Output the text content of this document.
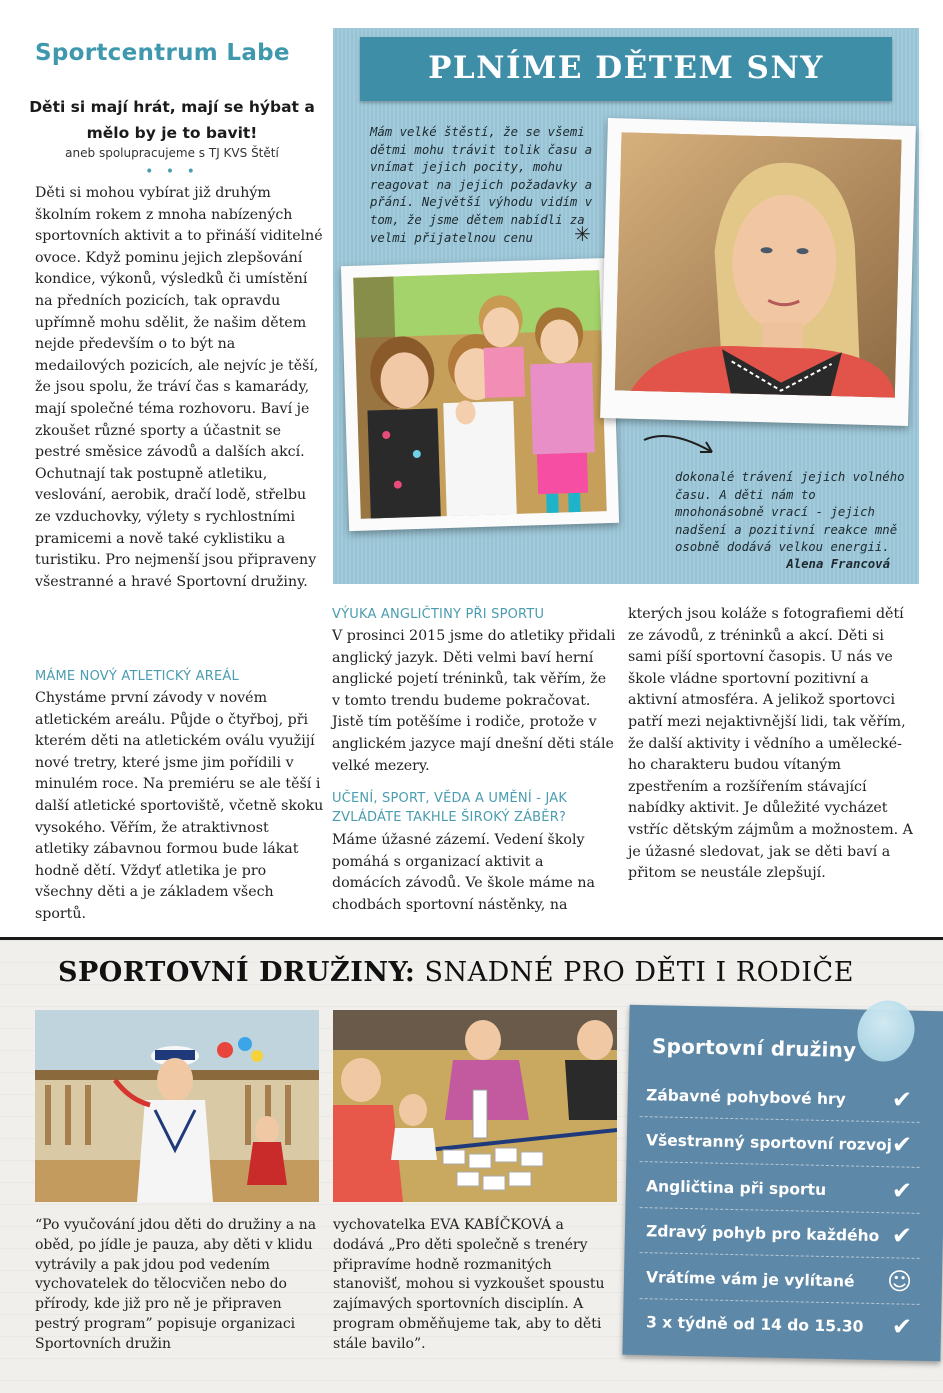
Sportcentrum Labe
Děti si mají hrát, mají se hýbat a mělo by je to bavit!
aneb spolupracujeme s TJ KVS Štětí
• • •
Děti si mohou vybírat již druhým školním rokem z mnoha nabízených sportovních aktivit a to přináší viditelné ovoce. Když pominu jejich zlepšování kondice, výkonů, výsledků či umístění na předních pozicích, tak opravdu upřímně mohu sdělit, že našim dětem nejde především o to být na medailových pozicích, ale nejvíc je těší, že jsou spolu, že tráví čas s kamarády, mají společné téma rozhovoru. Baví je zkoušet různé sporty a účastnit se pestré směsice závodů a dalších akcí. Ochutnají tak postupně atletiku, veslování, aerobik, dračí lodě, střelbu ze vzduchovky, výlety s rychlostními pramicemi a nově také cyklistiku a turistiku. Pro nejmenší jsou připraveny všestranné a hravé Sportovní družiny.
MÁME NOVÝ ATLETICKÝ AREÁL
Chystáme první závody v novém atletickém areálu. Půjde o čtyřboj, při kterém děti na atletickém oválu využijí nové tretry, které jsme jim pořídili v minulém roce. Na premiéru se ale těší i další atletické sportoviště, včetně skoku vysokého. Věřím, že atraktivnost atletiky zábavnou formou bude lákat hodně dětí. Vždyť atletika je pro všechny děti a je základem všech sportů.
PLNÍME DĚTEM SNY
Mám velké štěstí, že se všemi dětmi mohu trávit tolik času a vnímat jejich pocity, mohu reagovat na jejich požadavky a přání. Největší výhodu vidím v tom, že jsme dětem nabídli za velmi přijatelnou cenu	✳
dokonalé trávení jejich volného času. A děti nám to mnohonásobně vrací - jejich nadšení a pozitivní reakce mně osobně dodává velkou energii.
Alena Francová
VÝUKA ANGLIČTINY PŘI SPORTU
V prosinci 2015 jsme do atletiky přidali anglický jazyk. Děti velmi baví herní anglické pojetí tréninků, tak věřím, že v tomto trendu budeme pokračovat. Jistě tím potěšíme i rodiče, protože v anglickém jazyce mají dnešní děti stále velké mezery.
UČENÍ, SPORT, VĚDA A UMĚNÍ - JAK ZVLÁDÁTE TAKHLE ŠIROKÝ ZÁBĚR?
Máme úžasné zázemí. Vedení školy pomáhá s organizací aktivit a domácích závodů. Ve škole máme na chodbách sportovní nástěnky, na
kterých jsou koláže s fotografiemi dětí ze závodů, z tréninků a akcí. Děti si sami píší sportovní časopis. U nás ve škole vládne sportovní pozitivní a aktivní atmosféra. A jelikož sportovci patří mezi nejaktivnější lidi, tak věřím, že další aktivity i vědního a umělecké-ho charakteru budou vítaným zpestřením a rozšířením stávající nabídky aktivit. Je důležité vycházet vstříc dětským zájmům a možnostem. A je úžasné sledovat, jak se děti baví a přitom se neustále zlepšují.
SPORTOVNÍ DRUŽINY: SNADNÉ PRO DĚTI I RODIČE
“Po vyučování jdou děti do družiny a na oběd, po jídle je pauza, aby děti v klidu vytrávily a pak jdou pod vedením vychovatelek do tělocvičen nebo do přírody, kde již pro ně je připraven pestrý program” popisuje organizaci Sportovních družin
vychovatelka EVA KABÍČKOVÁ a dodává „Pro děti společně s trenéry připravíme hodně rozmanitých stanovišť, mohou si vyzkoušet spoustu zajímavých sportovních disciplín. A program obměňujeme tak, aby to děti stále bavilo”.
Sportovní družiny
Zábavné pohybové hry ✔
Všestranný sportovní rozvoj ✔
Angličtina při sportu	✔
Zdravý pohyb pro každého ✔
Vrátíme vám je vylítané ☺
3 x týdně od 14 do 15.30 ✔
